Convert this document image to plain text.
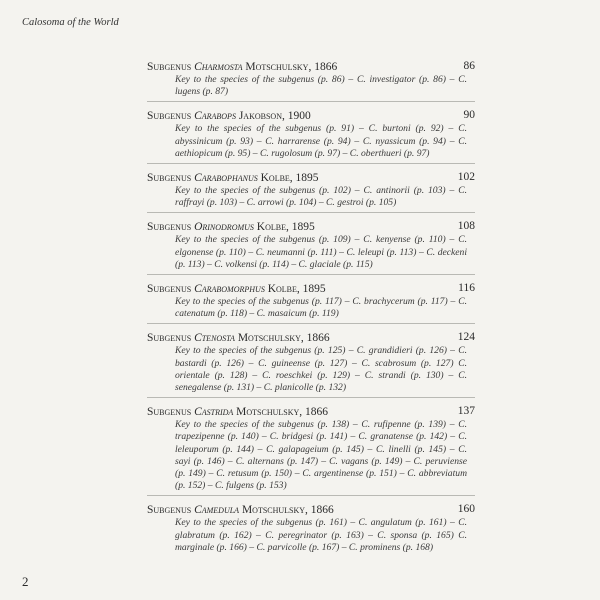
Calosoma of the World
Subgenus Charmosta Motschulsky, 1866	86
Key to the species of the subgenus (p. 86) – C. investigator (p. 86) – C. lugens (p. 87)
Subgenus Carabops Jakobson, 1900	90
Key to the species of the subgenus (p. 91) – C. burtoni (p. 92) – C. abyssinicum (p. 93) – C. harrarense (p. 94) – C. nyassicum (p. 94) – C. aethiopicum (p. 95) – C. rugolosum (p. 97) – C. oberthueri (p. 97)
Subgenus Carabophanus Kolbe, 1895	102
Key to the species of the subgenus (p. 102) – C. antinorii (p. 103) – C. raffrayi (p. 103) – C. arrowi (p. 104) – C. gestroi (p. 105)
Subgenus Orinodromus Kolbe, 1895	108
Key to the species of the subgenus (p. 109) – C. kenyense (p. 110) – C. elgonense (p. 110) – C. neumanni (p. 111) – C. leleupi (p. 113) – C. deckeni (p. 113) – C. volkensi (p. 114) – C. glaciale (p. 115)
Subgenus Carabomorphus Kolbe, 1895	116
Key to the species of the subgenus (p. 117) – C. brachycerum (p. 117) – C. catenatum (p. 118) – C. masaicum (p. 119)
Subgenus Ctenosta Motschulsky, 1866	124
Key to the species of the subgenus (p. 125) – C. grandidieri (p. 126) – C. bastardi (p. 126) – C. guineense (p. 127) – C. scabrosum (p. 127) C. orientale (p. 128) – C. roeschkei (p. 129) – C. strandi (p. 130) – C. senegalense (p. 131) – C. planicolle (p. 132)
Subgenus Castrida Motschulsky, 1866	137
Key to the species of the subgenus (p. 138) – C. rufipenne (p. 139) – C. trapezipenne (p. 140) – C. bridgesi (p. 141) – C. granatense (p. 142) – C. leleuporum (p. 144) – C. galapageium (p. 145) – C. linelli (p. 145) – C. sayi (p. 146) – C. alternans (p. 147) – C. vagans (p. 149) – C. peruviense (p. 149) – C. retusum (p. 150) – C. argentinense (p. 151) – C. abbreviatum (p. 152) – C. fulgens (p. 153)
Subgenus Camedula Motschulsky, 1866	160
Key to the species of the subgenus (p. 161) – C. angulatum (p. 161) – C. glabratum (p. 162) – C. peregrinator (p. 163) – C. sponsa (p. 165) C. marginale (p. 166) – C. parvicolle (p. 167) – C. prominens (p. 168)
2
